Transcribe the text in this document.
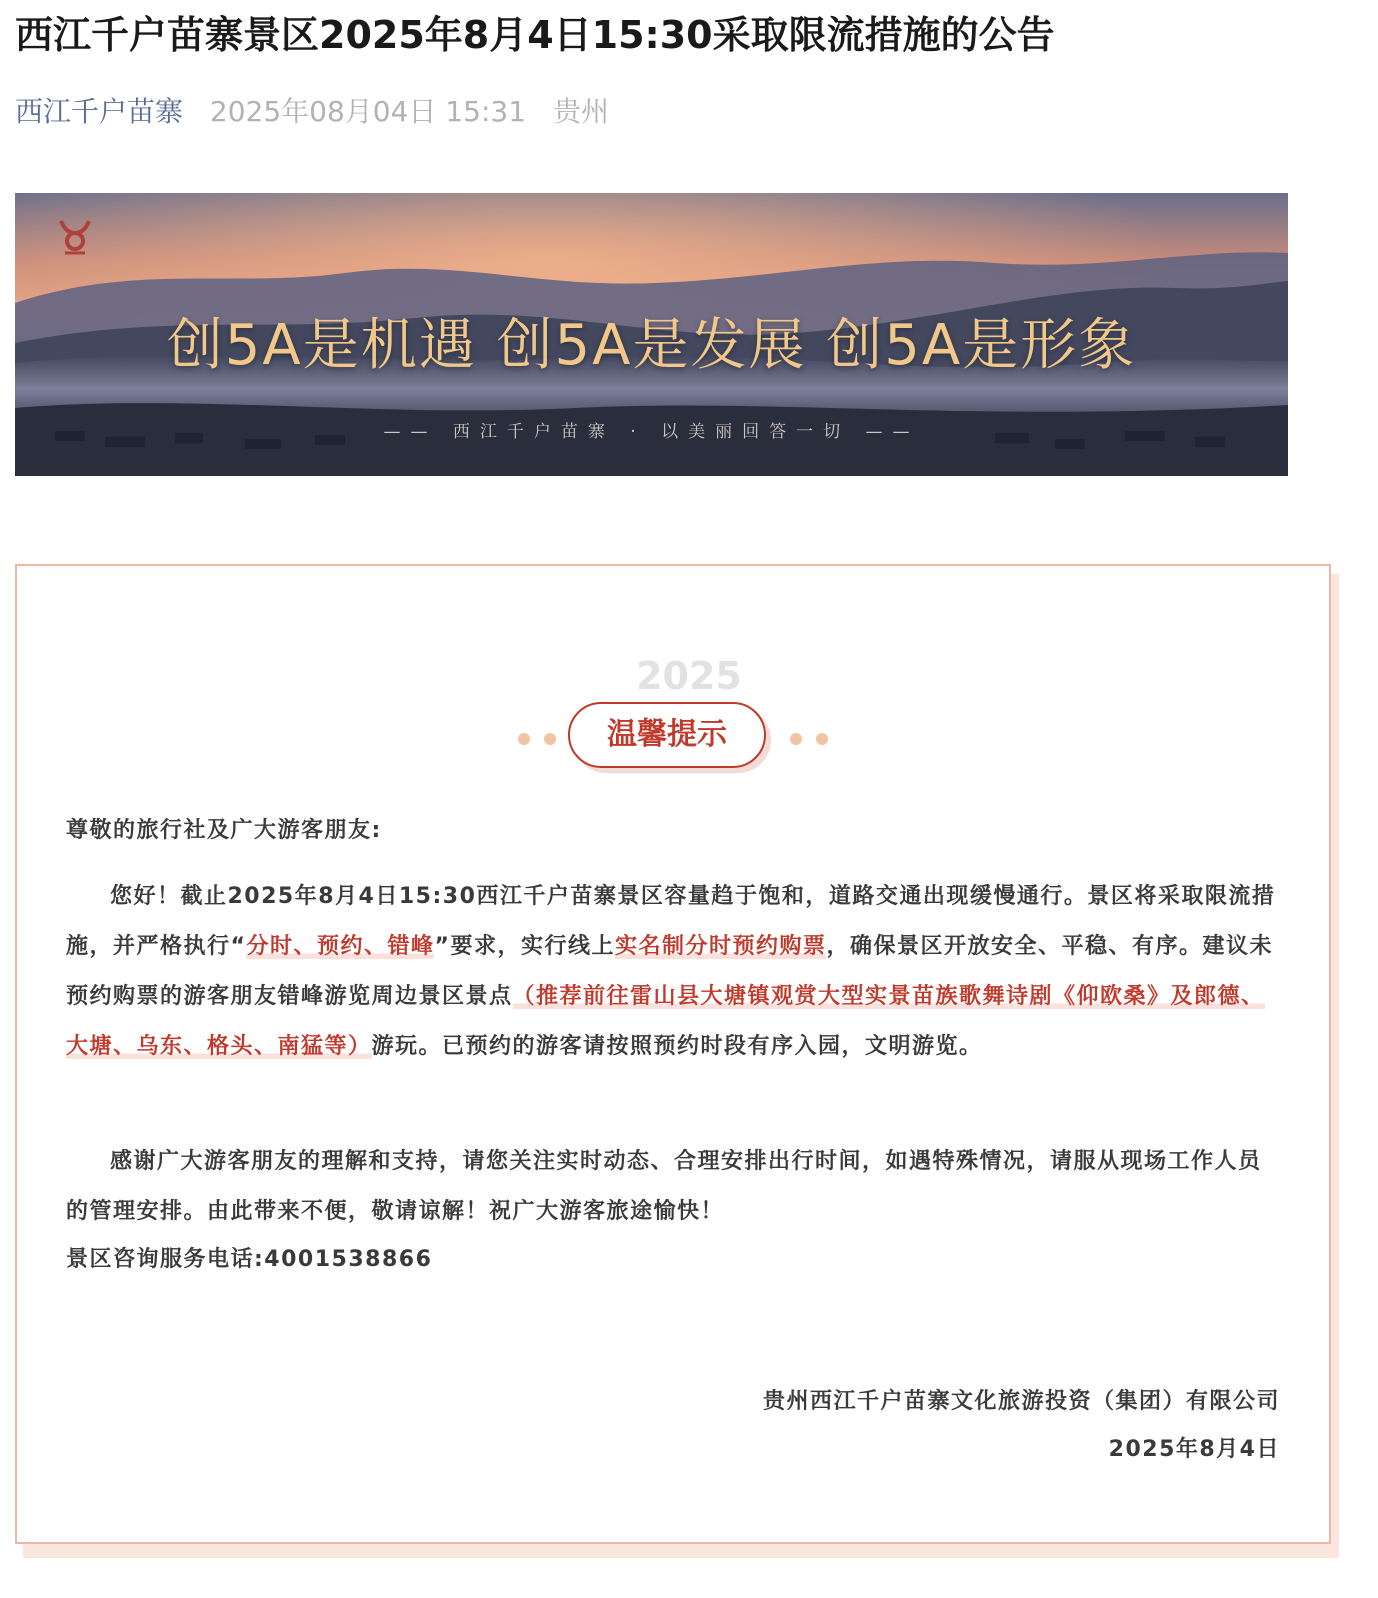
西江千户苗寨景区2025年8月4日15:30采取限流措施的公告
西江千户苗寨 2025年08月04日 15:31 贵州
创5A是机遇 创5A是发展 创5A是形象
—— 西江千户苗寨 · 以美丽回答一切 ——
2025
温馨提示

尊敬的旅行社及广大游客朋友:

您好！截止2025年8月4日15:30西江千户苗寨景区容量趋于饱和，道路交通出现缓慢通行。景区将采取限流措施，并严格执行“分时、预约、错峰”要求，实行线上实名制分时预约购票，确保景区开放安全、平稳、有序。建议未预约购票的游客朋友错峰游览周边景区景点（推荐前往雷山县大塘镇观赏大型实景苗族歌舞诗剧《仰欧桑》及郎德、大塘、乌东、格头、南猛等）游玩。已预约的游客请按照预约时段有序入园，文明游览。

感谢广大游客朋友的理解和支持，请您关注实时动态、合理安排出行时间，如遇特殊情况，请服从现场工作人员的管理安排。由此带来不便，敬请谅解！祝广大游客旅途愉快！

景区咨询服务电话:4001538866

贵州西江千户苗寨文化旅游投资（集团）有限公司
2025年8月4日
